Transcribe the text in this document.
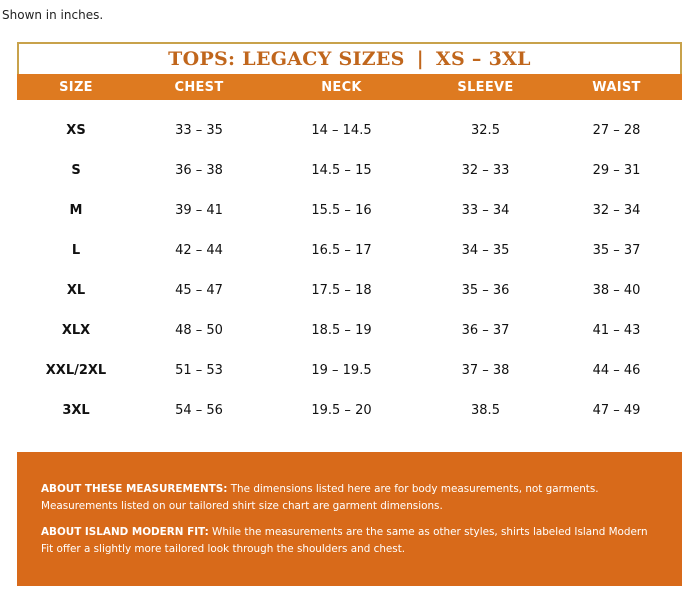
Shown in inches.
TOPS: LEGACY SIZES | XS – 3XL
SIZE	CHEST	NECK	SLEEVE	WAIST
XS	33 – 35	14 – 14.5	32.5	27 – 28
S	36 – 38	14.5 – 15	32 – 33	29 – 31
M	39 – 41	15.5 – 16	33 – 34	32 – 34
L	42 – 44	16.5 – 17	34 – 35	35 – 37
XL	45 – 47	17.5 – 18	35 – 36	38 – 40
XLX	48 – 50	18.5 – 19	36 – 37	41 – 43
XXL/2XL	51 – 53	19 – 19.5	37 – 38	44 – 46
3XL	54 – 56	19.5 – 20	38.5	47 – 49

ABOUT THESE MEASUREMENTS: The dimensions listed here are for body measurements, not garments. Measurements listed on our tailored shirt size chart are garment dimensions.

ABOUT ISLAND MODERN FIT: While the measurements are the same as other styles, shirts labeled Island Modern Fit offer a slightly more tailored look through the shoulders and chest.
